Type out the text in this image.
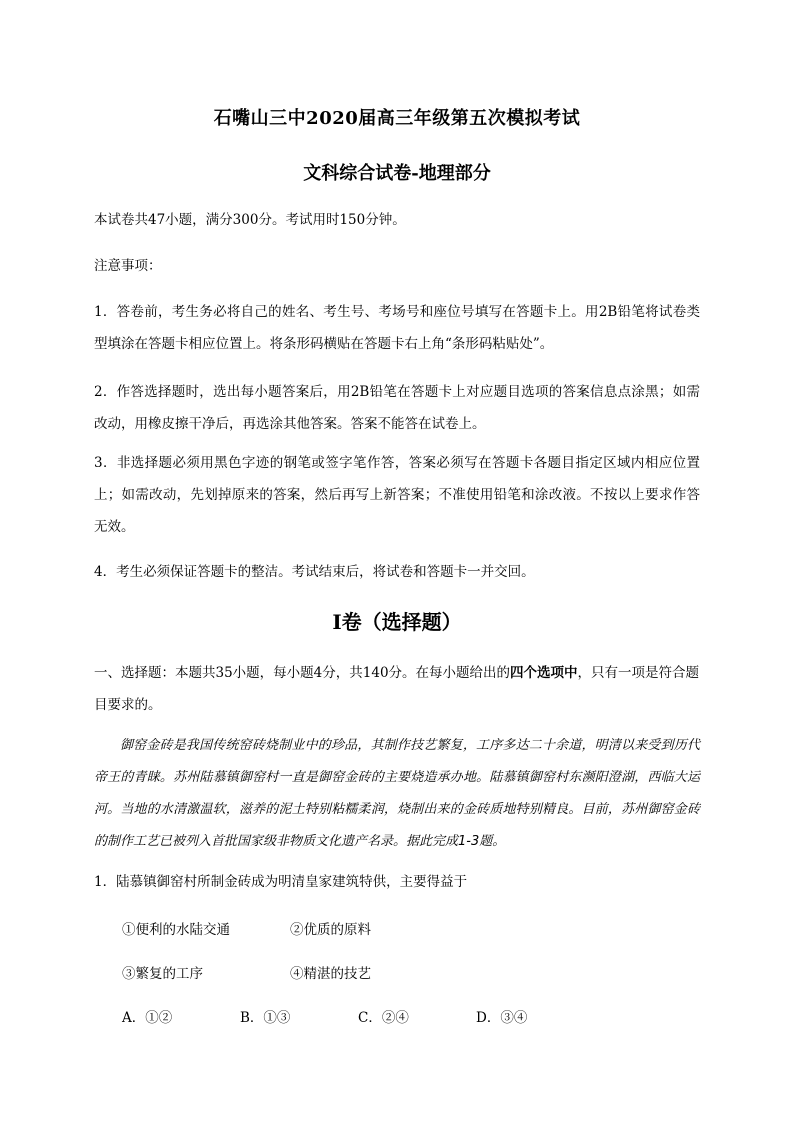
石嘴山三中2020届高三年级第五次模拟考试
文科综合试卷-地理部分
本试卷共47小题，满分300分。考试用时150分钟。
注意事项：
1．答卷前，考生务必将自己的姓名、考生号、考场号和座位号填写在答题卡上。用2B铅笔将试卷类型填涂在答题卡相应位置上。将条形码横贴在答题卡右上角“条形码粘贴处”。
2．作答选择题时，选出每小题答案后，用2B铅笔在答题卡上对应题目选项的答案信息点涂黑；如需改动，用橡皮擦干净后，再选涂其他答案。答案不能答在试卷上。
3．非选择题必须用黑色字迹的钢笔或签字笔作答，答案必须写在答题卡各题目指定区域内相应位置上；如需改动，先划掉原来的答案，然后再写上新答案；不准使用铅笔和涂改液。不按以上要求作答无效。
4．考生必须保证答题卡的整洁。考试结束后，将试卷和答题卡一并交回。
Ⅰ卷（选择题）
一、选择题：本题共35小题，每小题4分，共140分。在每小题给出的四个选项中，只有一项是符合题目要求的。
御窑金砖是我国传统窑砖烧制业中的珍品，其制作技艺繁复，工序多达二十余道，明清以来受到历代帝王的青睐。苏州陆慕镇御窑村一直是御窑金砖的主要烧造承办地。陆慕镇御窑村东濒阳澄湖，西临大运河。当地的水清激温软，滋养的泥土特别粘糯柔润，烧制出来的金砖质地特别精良。目前，苏州御窑金砖的制作工艺已被列入首批国家级非物质文化遗产名录。据此完成1-3题。
1．陆慕镇御窑村所制金砖成为明清皇家建筑特供，主要得益于
①便利的水陆交通	②优质的原料
③繁复的工序	④精湛的技艺
A．①②	B．①③	C．②④	D．③④
